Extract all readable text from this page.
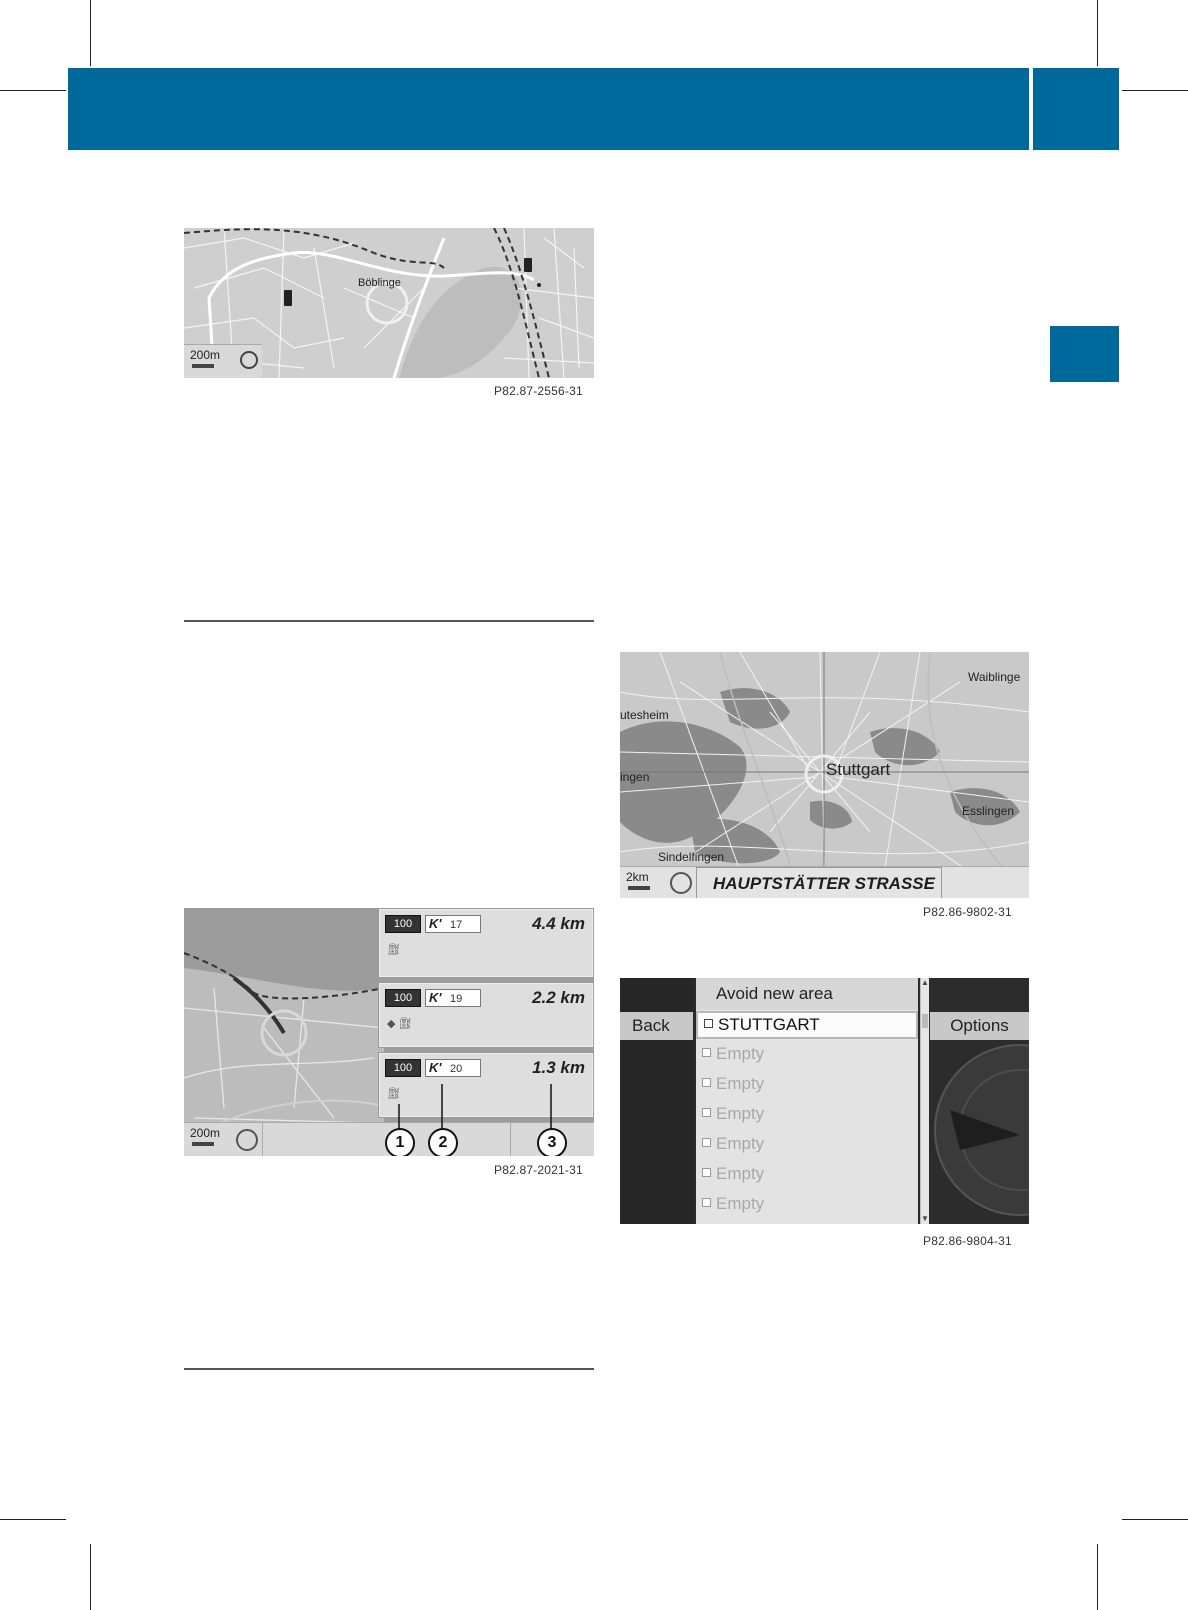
Böblinge
200m
P82.87-2556-31
100	K' 17	4.4 km
⛽︎
100	K' 19	2.2 km
◆ ⛽︎
100	K' 20	1.3 km
⛽︎
200m
1	2	3
P82.87-2021-31
Waiblinge
utesheim
Stuttgart
Esslingen
Sindelfingen
ingen
2km	HAUPTSTÄTTER STRASSE
P82.86-9802-31
Back
Avoid new area
STUTTGART
Empty
Empty
Empty
Empty
Empty
Empty
▲
▼
Options
P82.86-9804-31
